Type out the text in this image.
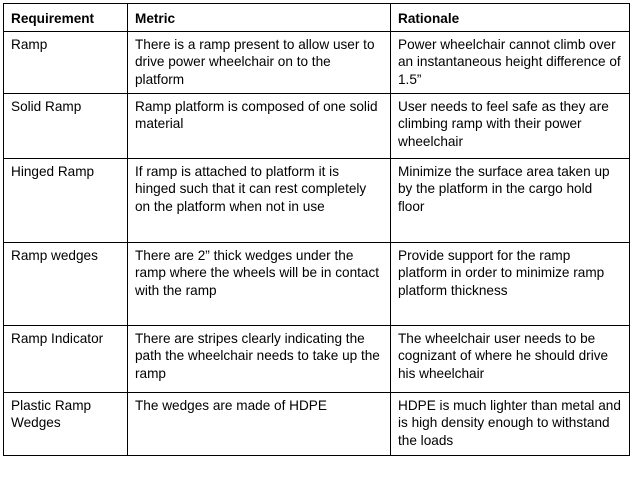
Requirement	Metric	Rationale
Ramp	There is a ramp present to allow user to drive power wheelchair on to the platform	Power wheelchair cannot climb over an instantaneous height difference of 1.5”
Solid Ramp	Ramp platform is composed of one solid material	User needs to feel safe as they are climbing ramp with their power wheelchair
Hinged Ramp	If ramp is attached to platform it is hinged such that it can rest completely on the platform when not in use	Minimize the surface area taken up by the platform in the cargo hold floor
Ramp wedges	There are 2” thick wedges under the ramp where the wheels will be in contact with the ramp	Provide support for the ramp platform in order to minimize ramp platform thickness
Ramp Indicator	There are stripes clearly indicating the path the wheelchair needs to take up the ramp	The wheelchair user needs to be cognizant of where he should drive his wheelchair
Plastic Ramp Wedges	The wedges are made of HDPE	HDPE is much lighter than metal and is high density enough to withstand the loads
